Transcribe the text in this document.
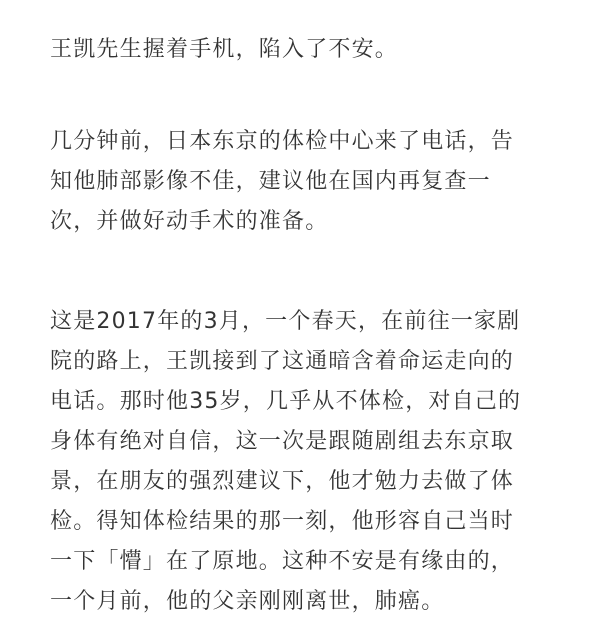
王凯先生握着手机，陷入了不安。
几分钟前，日本东京的体检中心来了电话，告
知他肺部影像不佳，建议他在国内再复查一
次，并做好动手术的准备。
这是2017年的3月，一个春天，在前往一家剧
院的路上，王凯接到了这通暗含着命运走向的
电话。那时他35岁，几乎从不体检，对自己的
身体有绝对自信，这一次是跟随剧组去东京取
景，在朋友的强烈建议下，他才勉力去做了体
检。得知体检结果的那一刻，他形容自己当时
一下「懵」在了原地。这种不安是有缘由的，
一个月前，他的父亲刚刚离世，肺癌。
